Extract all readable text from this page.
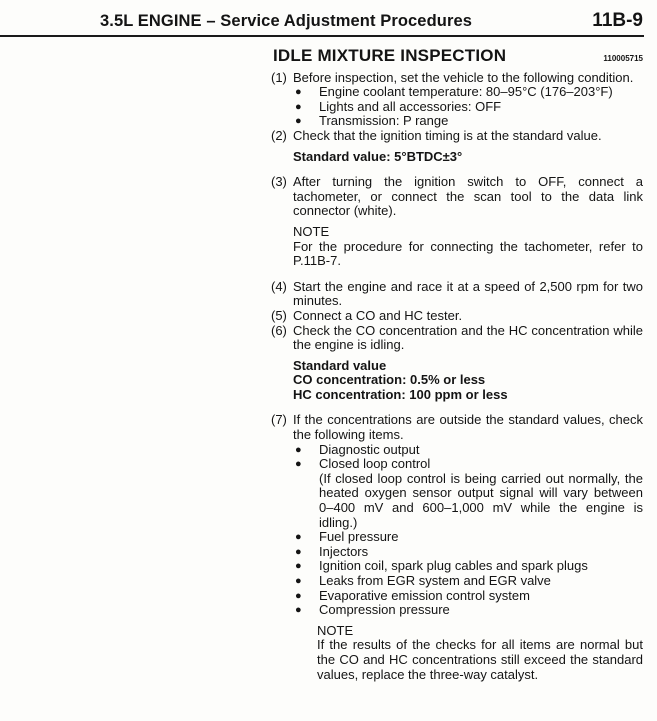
3.5L ENGINE – Service Adjustment Procedures	11B-9
IDLE MIXTURE INSPECTION	110005715
(1) Before inspection, set the vehicle to the following condition.
●	Engine coolant temperature: 80–95°C (176–203°F)
●	Lights and all accessories: OFF
●	Transmission: P range
(2) Check that the ignition timing is at the standard value.
Standard value: 5°BTDC±3°
(3) After turning the ignition switch to OFF, connect a tachometer, or connect the scan tool to the data link connector (white).
NOTE
For the procedure for connecting the tachometer, refer to P.11B-7.
(4) Start the engine and race it at a speed of 2,500 rpm for two minutes.
(5) Connect a CO and HC tester.
(6) Check the CO concentration and the HC concentration while the engine is idling.
Standard value
CO concentration: 0.5% or less
HC concentration: 100 ppm or less
(7) If the concentrations are outside the standard values, check the following items.
●	Diagnostic output
●	Closed loop control
(If closed loop control is being carried out normally, the heated oxygen sensor output signal will vary between 0–400 mV and 600–1,000 mV while the engine is idling.)
●	Fuel pressure
●	Injectors
●	Ignition coil, spark plug cables and spark plugs
●	Leaks from EGR system and EGR valve
●	Evaporative emission control system
●	Compression pressure
NOTE
If the results of the checks for all items are normal but the CO and HC concentrations still exceed the standard values, replace the three-way catalyst.
